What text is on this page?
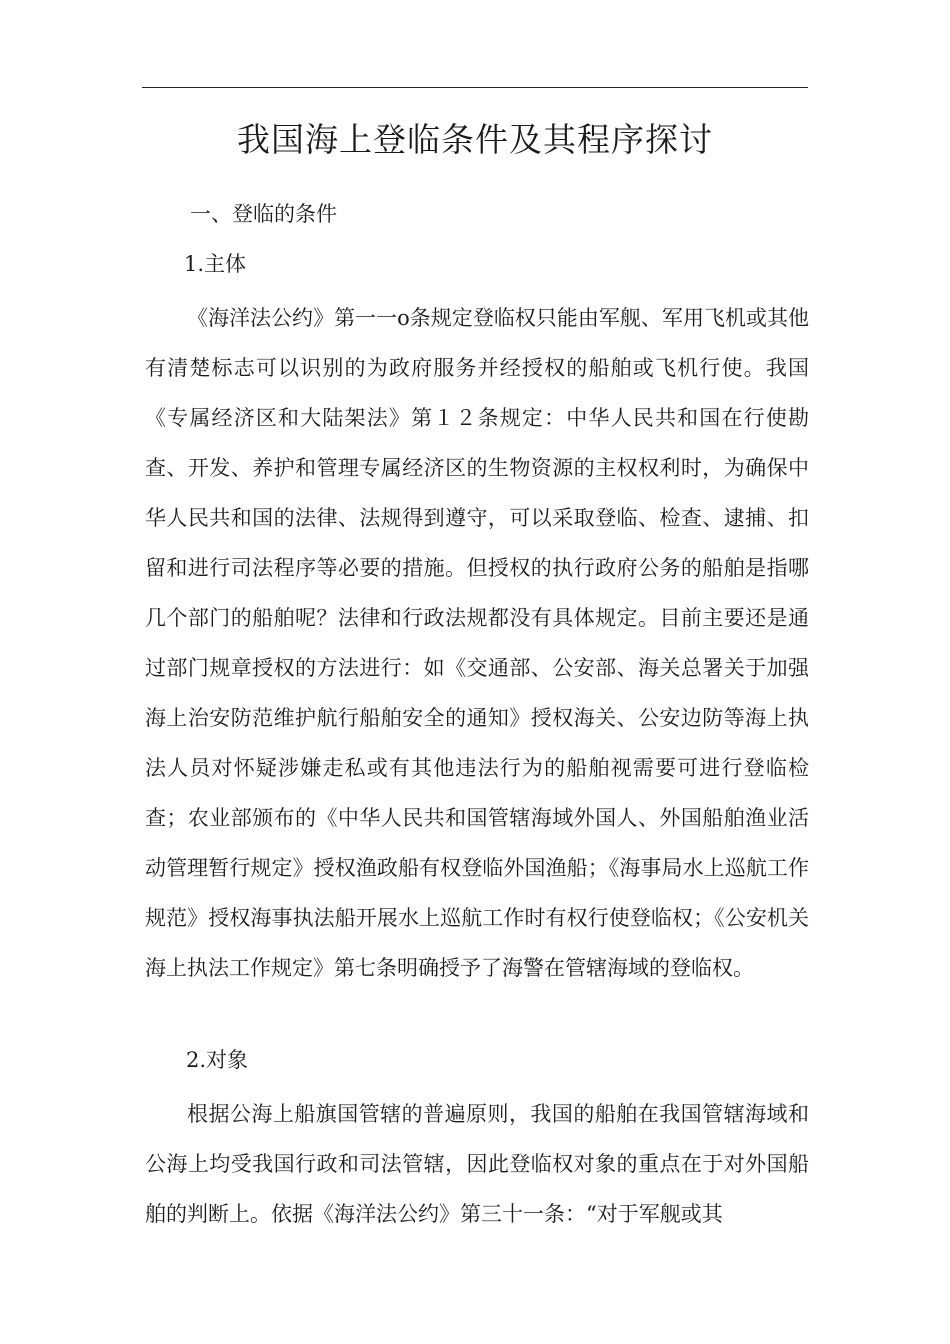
我国海上登临条件及其程序探讨
一、登临的条件
1.主体

《海洋法公约》第一一o条规定登临权只能由军舰、军用飞机或其他有清楚标志可以识别的为政府服务并经授权的船舶或飞机行使。我国《专属经济区和大陆架法》第１２条规定：中华人民共和国在行使勘查、开发、养护和管理专属经济区的生物资源的主权权利时，为确保中华人民共和国的法律、法规得到遵守，可以采取登临、检查、逮捕、扣留和进行司法程序等必要的措施。但授权的执行政府公务的船舶是指哪几个部门的船舶呢？法律和行政法规都没有具体规定。目前主要还是通过部门规章授权的方法进行：如《交通部、公安部、海关总署关于加强海上治安防范维护航行船舶安全的通知》授权海关、公安边防等海上执法人员对怀疑涉嫌走私或有其他违法行为的船舶视需要可进行登临检查；农业部颁布的《中华人民共和国管辖海域外国人、外国船舶渔业活动管理暂行规定》授权渔政船有权登临外国渔船；《海事局水上巡航工作规范》授权海事执法船开展水上巡航工作时有权行使登临权；《公安机关海上执法工作规定》第七条明确授予了海警在管辖海域的登临权。

2.对象

根据公海上船旗国管辖的普遍原则，我国的船舶在我国管辖海域和公海上均受我国行政和司法管辖，因此登临权对象的重点在于对外国船舶的判断上。依据《海洋法公约》第三十一条：“对于军舰或其
